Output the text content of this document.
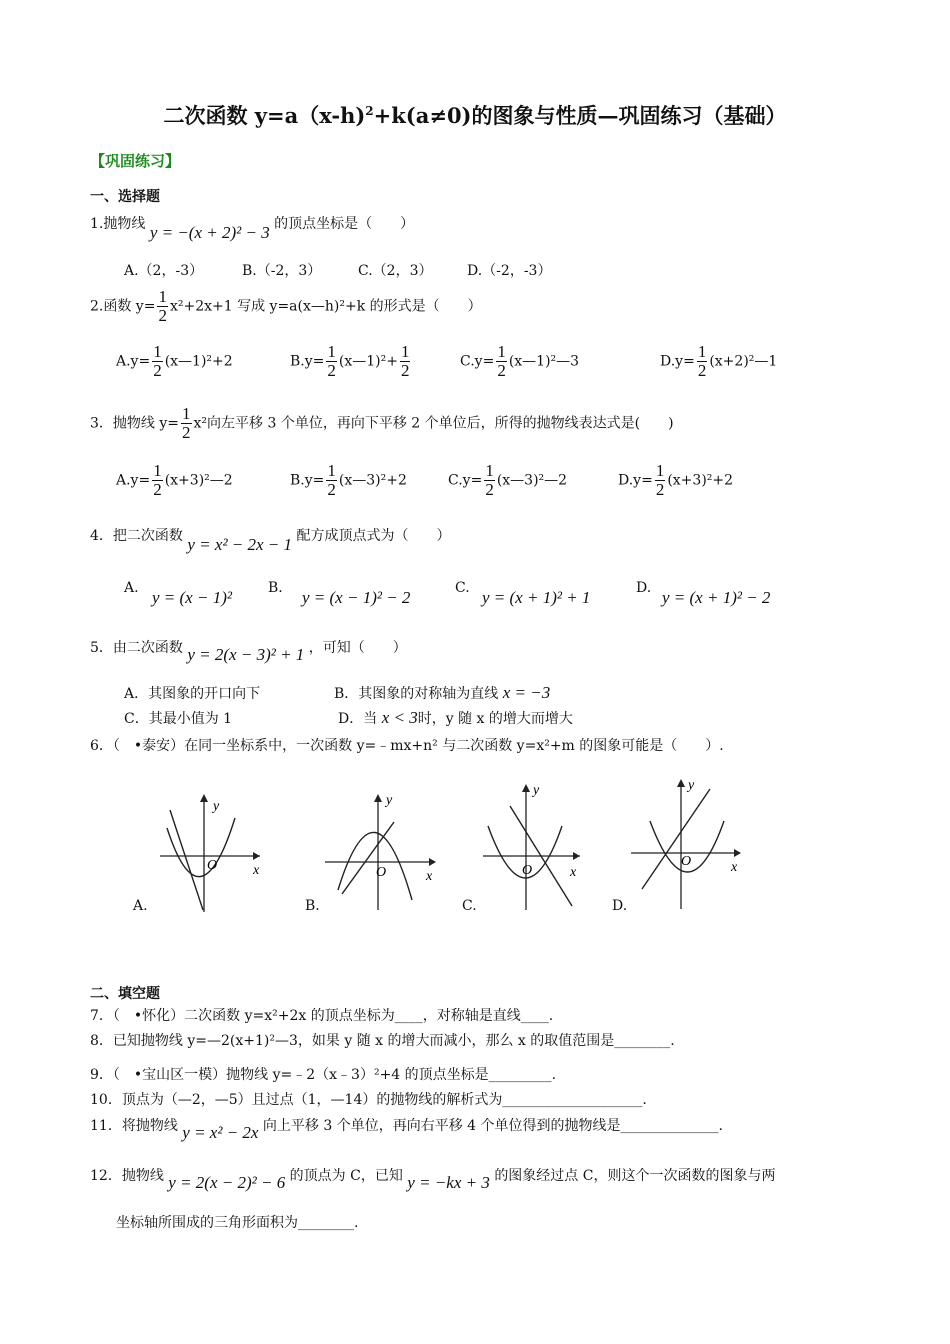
二次函数 y=a（x-h)$^2$+k(a≠0)的图象与性质—巩固练习（基础）
【巩固练习】
一、选择题
1.抛物线 y = −(x + 2)² − 3 的顶点坐标是（　　）
A.（2，-3）	B.（-2，3）	C.（2，3） D.（-2，-3）
2.函数 $y= \frac{1}{2} x^2+2x+1$ 写成 y=a(x—h)²+k 的形式是（　　）
$A.y= \frac{1}{2}$ (x—1)²+2	$B.y= \frac{1}{2}$ (x—1)²+ $\frac{1}{2}$	$C.y= \frac{1}{2}$ (x—1)²—3	$D.y= \frac{1}{2}$ (x+2)²—1
3．抛物线 $y= \frac{1}{2} x^2$向左平移 3 个单位，再向下平移 2 个单位后，所得的抛物线表达式是(　　)
$A.y= \frac{1}{2}$ (x+3)²—2	$B.y= \frac{1}{2}$ (x—3)²+2	$C.y= \frac{1}{2}$ (x—3)²—2	$D.y= \frac{1}{2} (x+3)^2+2$
4．把二次函数 y = x² − 2x − 1 配方成顶点式为（　　）
A. y = (x − 1)²	B. y = (x − 1)² − 2	C. y = (x + 1)² + 1	D. y = (x + 1)² − 2
5．由二次函数 y = 2(x − 3)² + 1 ，可知（　　）
A．其图象的开口向下	B．其图象的对称轴为直线 x = −3
C．其最小值为 1	D．当 x < 3时，y 随 x 的增大而增大
6．（　•泰安）在同一坐标系中，一次函数 y=﹣mx+n² 与二次函数 y=x²+m 的图象可能是（　　）.
y
x
O
A.
y
x
O
B.
y
x
O
C.
y
x
O
D.
二、填空题
7．（　•怀化）二次函数 y=x²+2x 的顶点坐标为____，对称轴是直线____.
8．已知抛物线 y=—2(x+1)²—3，如果 y 随 x 的增大而减小，那么 x 的取值范围是________.
9．（　•宝山区一模）抛物线 y=﹣2（x﹣3）²+4 的顶点坐标是_________.
10．顶点为（—2，—5）且过点（1，—14）的抛物线的解析式为____________________.
11．将抛物线 y = x² − 2x 向上平移 3 个单位，再向右平移 4 个单位得到的抛物线是______________.
12．抛物线 y = 2(x − 2)² − 6 的顶点为 C，已知 y = −kx + 3 的图象经过点 C，则这个一次函数的图象与两
坐标轴所围成的三角形面积为________.
